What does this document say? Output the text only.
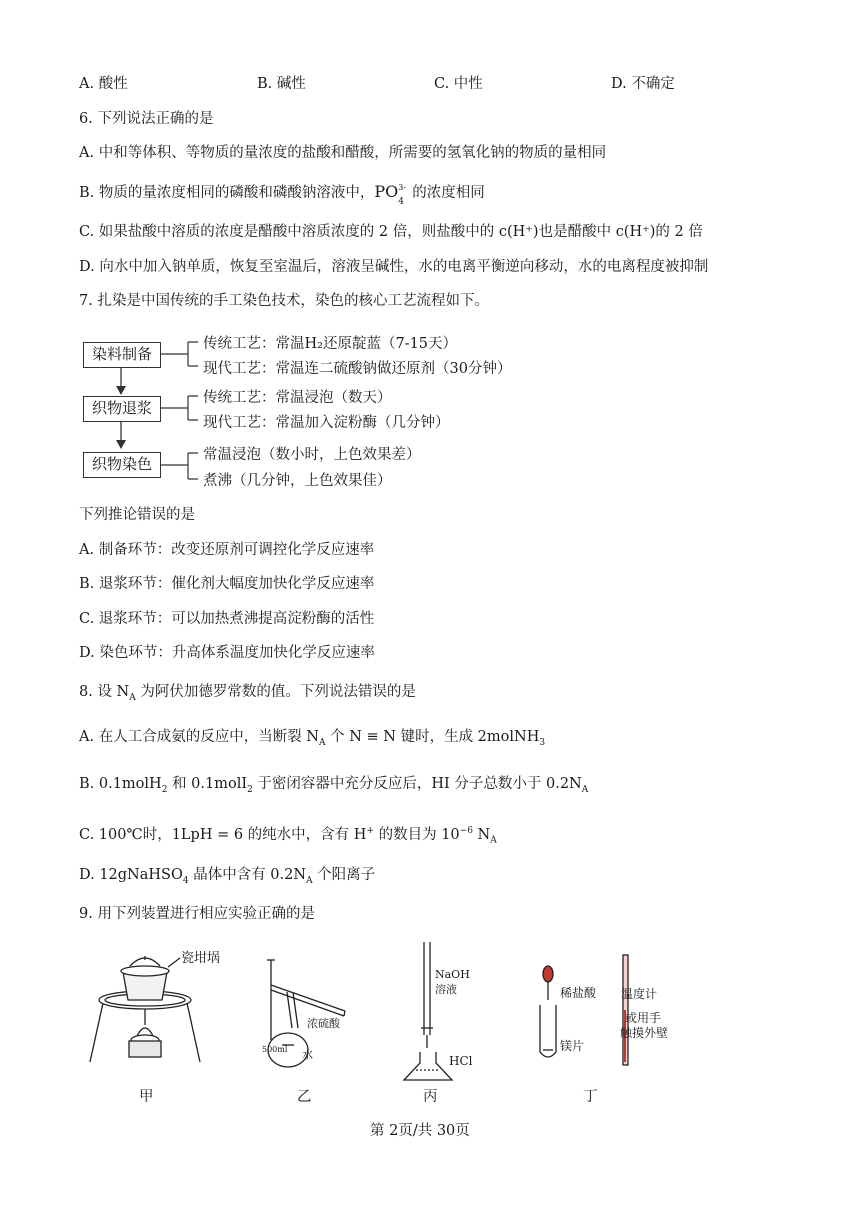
A. 酸性	B. 碱性	C. 中性	D. 不确定
6. 下列说法正确的是
A. 中和等体积、等物质的量浓度的盐酸和醋酸，所需要的氢氧化钠的物质的量相同
B. 物质的量浓度相同的磷酸和磷酸钠溶液中，PO 3-
4
的浓度相同
C. 如果盐酸中溶质的浓度是醋酸中溶质浓度的 2 倍，则盐酸中的 c(H⁺)也是醋酸中 c(H⁺)的 2 倍
D. 向水中加入钠单质，恢复至室温后，溶液呈碱性，水的电离平衡逆向移动，水的电离程度被抑制
7. 扎染是中国传统的手工染色技术，染色的核心工艺流程如下。
染料制备
织物退浆
织物染色
传统工艺：常温H₂还原靛蓝（7-15天）
现代工艺：常温连二硫酸钠做还原剂（30分钟）
传统工艺：常温浸泡（数天）
现代工艺：常温加入淀粉酶（几分钟）
常温浸泡（数小时，上色效果差）
煮沸（几分钟，上色效果佳）
下列推论错误的是
A. 制备环节：改变还原剂可调控化学反应速率
B. 退浆环节：催化剂大幅度加快化学反应速率
C. 退浆环节：可以加热煮沸提高淀粉酶的活性
D. 染色环节：升高体系温度加快化学反应速率
8. 设 $N_A$ 为阿伏加德罗常数的值。下列说法错误的是
A. 在人工合成氨的反应中，当断裂 $N_A$ 个 N ≡ N 键时，生成 2molNH$_3$
B. 0.1molH$_2$ 和 0.1molI$_2$ 于密闭容器中充分反应后，HI 分子总数小于 $0.2N_A$
C. 100℃时，1LpH = 6 的纯水中，含有 H+ 的数目为 $10^{-6}$ $N_A$
D. 12gNaHSO$_4$ 晶体中含有 $0.2N_A$ 个阳离子
9. 用下列装置进行相应实验正确的是
瓷坩埚
浓硫酸
500ml 水
NaOH
溶液
HCl
稀盐酸
镁片
温度计
或用手
触摸外壁
甲	乙	丙	丁
第 2页/共 30页
